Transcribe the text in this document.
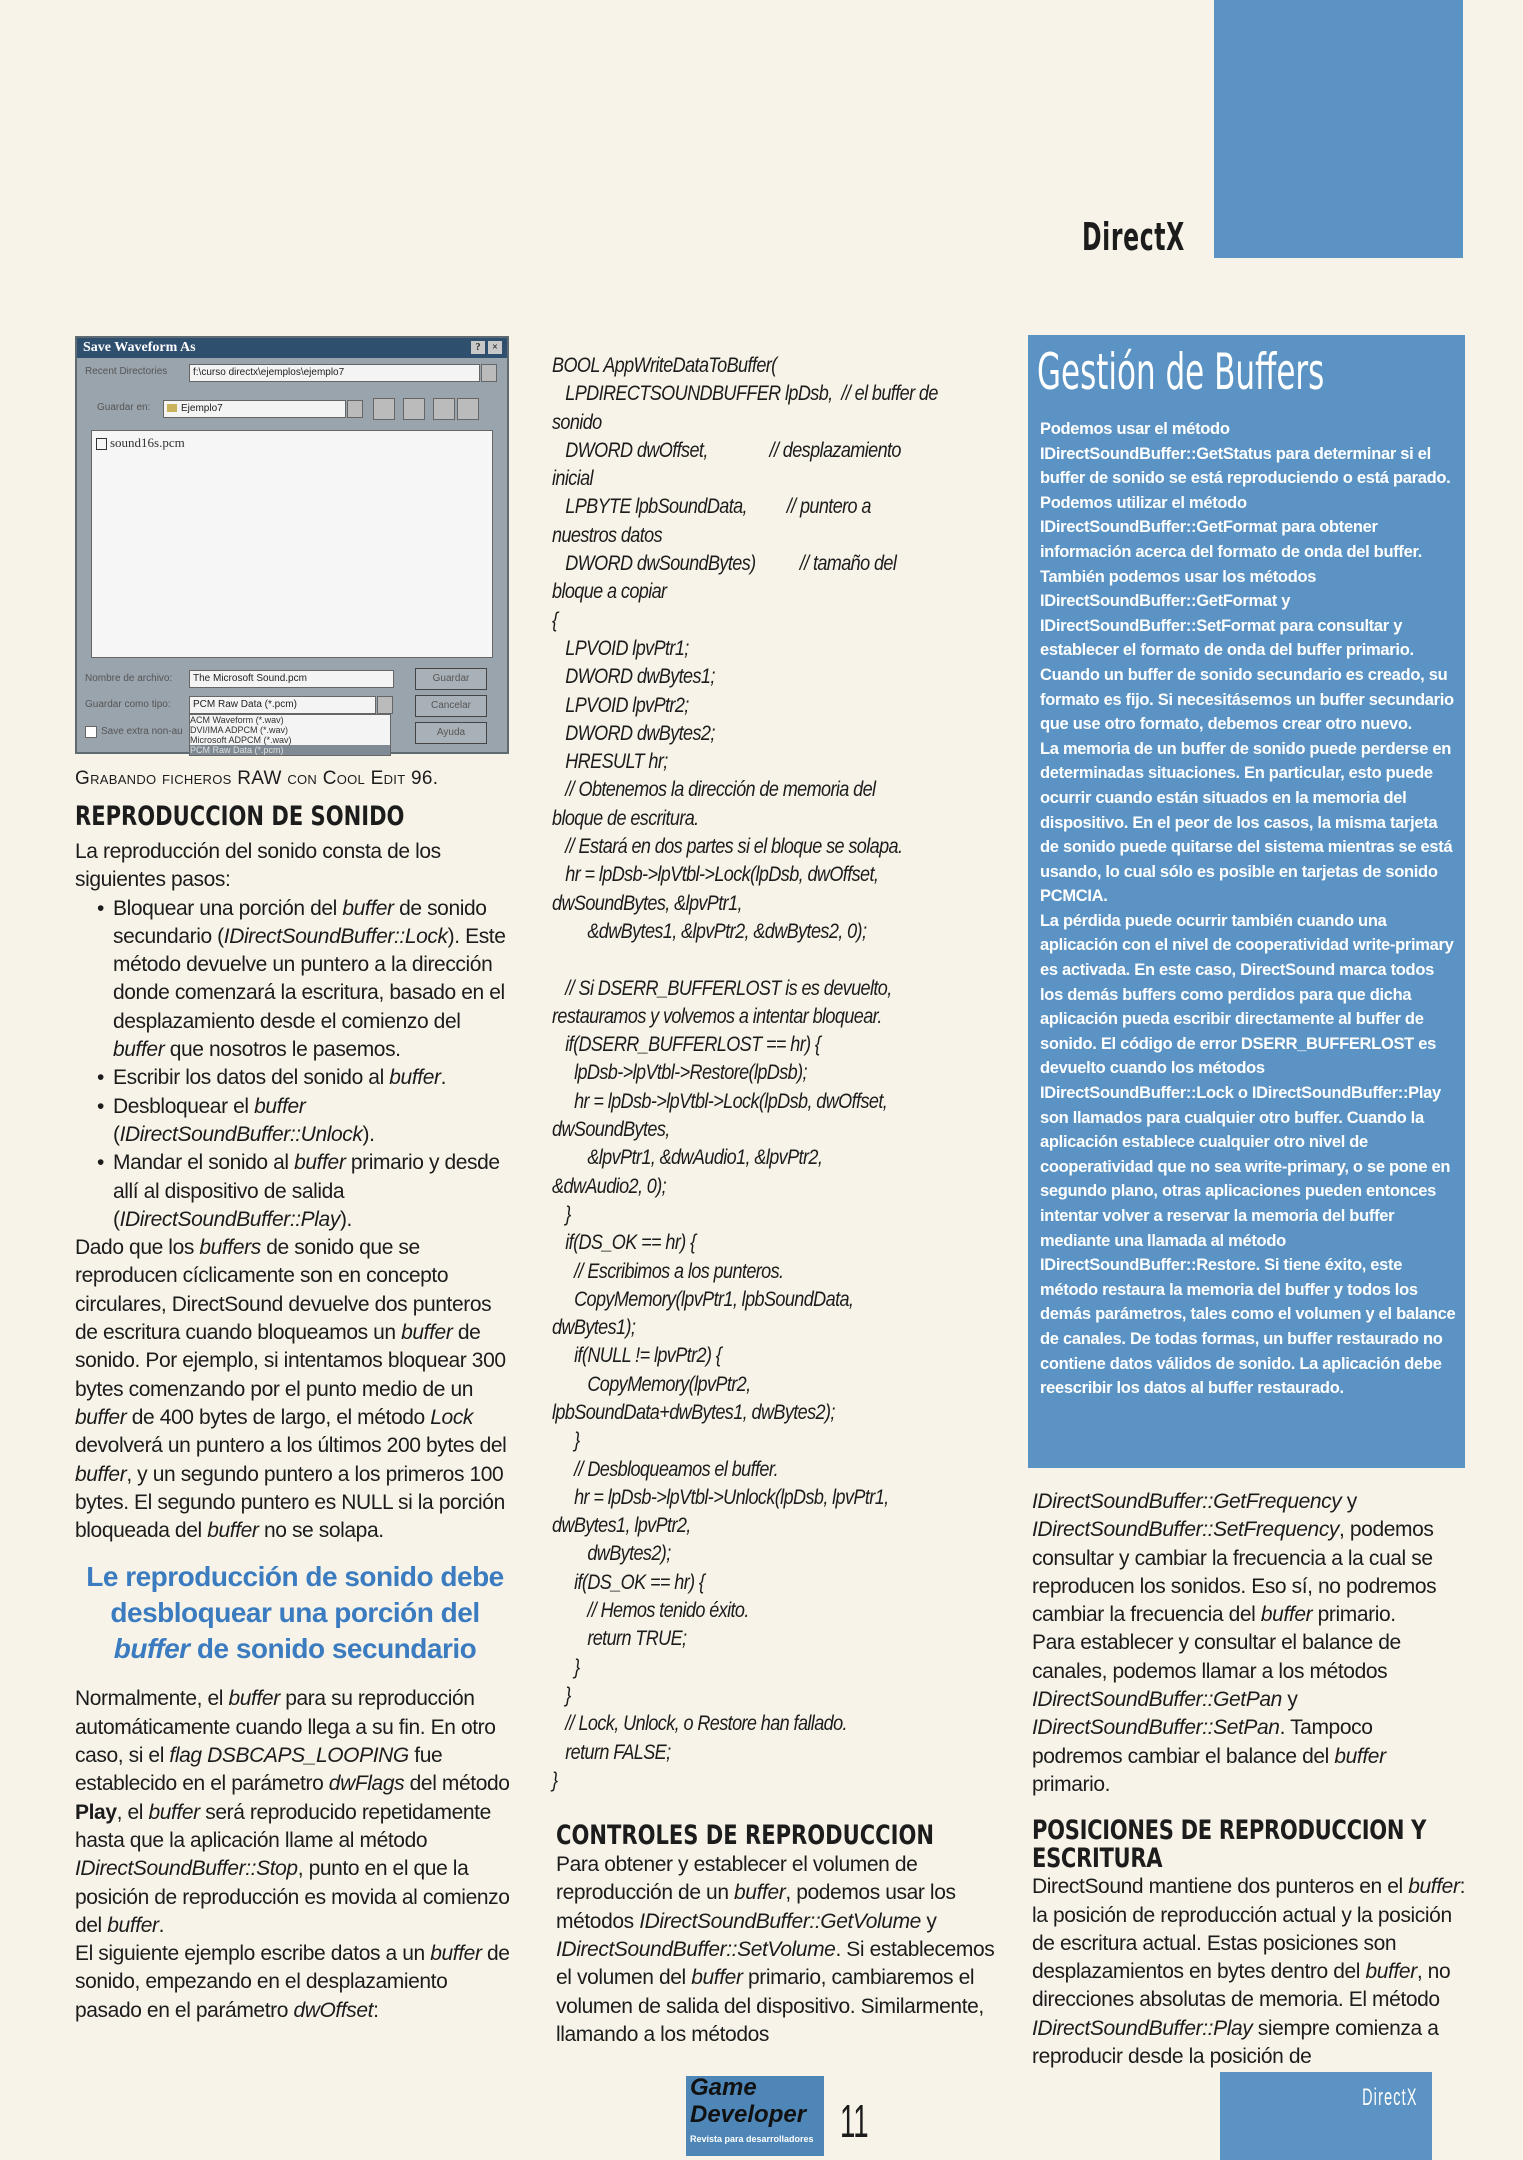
DirectX
Save Waveform As	?	×
Recent Directories	f:\curso directx\ejemplos\ejemplo7
Guardar en:	Ejemplo7
sound16s.pcm
Nombre de archivo:	The Microsoft Sound.pcm
Guardar como tipo:	PCM Raw Data (*.pcm)
ACM Waveform (*.wav)
DVI/IMA ADPCM (*.wav)
Microsoft ADPCM (*.wav)
PCM Raw Data (*.pcm)
Save extra non-au
Guardar
Cancelar
Ayuda
Grabando ficheros RAW con Cool Edit 96.
REPRODUCCION DE SONIDO

La reproducción del sonido consta de los siguientes pasos:

• Bloquear una porción del buffer de sonido secundario (IDirectSoundBuffer::Lock). Este método devuelve un puntero a la dirección donde comenzará la escritura, basado en el desplazamiento desde el comienzo del buffer que nosotros le pasemos.
• Escribir los datos del sonido al buffer.
• Desbloquear el buffer (IDirectSoundBuffer::Unlock).
• Mandar el sonido al buffer primario y desde allí al dispositivo de salida (IDirectSoundBuffer::Play).

Dado que los buffers de sonido que se reproducen cíclicamente son en concepto circulares, DirectSound devuelve dos punteros de escritura cuando bloqueamos un buffer de sonido. Por ejemplo, si intentamos bloquear 300 bytes comenzando por el punto medio de un buffer de 400 bytes de largo, el método Lock devolverá un puntero a los últimos 200 bytes del buffer, y un segundo puntero a los primeros 100 bytes. El segundo puntero es NULL si la porción bloqueada del buffer no se solapa.

Le reproducción de sonido debe desbloquear una porción del buffer de sonido secundario

Normalmente, el buffer para su reproducción automáticamente cuando llega a su fin. En otro caso, si el flag DSBCAPS_LOOPING fue establecido en el parámetro dwFlags del método Play, el buffer será reproducido repetidamente hasta que la aplicación llame al método IDirectSoundBuffer::Stop, punto en el que la posición de reproducción es movida al comienzo del buffer.

El siguiente ejemplo escribe datos a un buffer de sonido, empezando en el desplazamiento pasado en el parámetro dwOffset:

BOOL AppWriteDataToBuffer(
LPDIRECTSOUNDBUFFER lpDsb,  // el buffer de
sonido
DWORD dwOffset,              // desplazamiento
inicial
LPBYTE lpbSoundData,         // puntero a
nuestros datos
DWORD dwSoundBytes)          // tamaño del
bloque a copiar
{
LPVOID lpvPtr1;
DWORD dwBytes1;
LPVOID lpvPtr2;
DWORD dwBytes2;
HRESULT hr;
// Obtenemos la dirección de memoria del
bloque de escritura.
// Estará en dos partes si el bloque se solapa.
hr = lpDsb->lpVtbl->Lock(lpDsb, dwOffset,
dwSoundBytes, &lpvPtr1,
&dwBytes1, &lpvPtr2, &dwBytes2, 0);
// Si DSERR_BUFFERLOST is es devuelto,
restauramos y volvemos a intentar bloquear.
if(DSERR_BUFFERLOST == hr) {
lpDsb->lpVtbl->Restore(lpDsb);
hr = lpDsb->lpVtbl->Lock(lpDsb, dwOffset,
dwSoundBytes,
&lpvPtr1, &dwAudio1, &lpvPtr2,
&dwAudio2, 0);
}
if(DS_OK == hr) {
// Escribimos a los punteros.
CopyMemory(lpvPtr1, lpbSoundData,
dwBytes1);
if(NULL != lpvPtr2) {
CopyMemory(lpvPtr2,
lpbSoundData+dwBytes1, dwBytes2);
}
// Desbloqueamos el buffer.
hr = lpDsb->lpVtbl->Unlock(lpDsb, lpvPtr1,
dwBytes1, lpvPtr2,
dwBytes2);
if(DS_OK == hr) {
// Hemos tenido éxito.
return TRUE;
}
}
// Lock, Unlock, o Restore han fallado.
return FALSE;
}
CONTROLES DE REPRODUCCION

Para obtener y establecer el volumen de reproducción de un buffer, podemos usar los métodos IDirectSoundBuffer::GetVolume y IDirectSoundBuffer::SetVolume. Si establecemos el volumen del buffer primario, cambiaremos el volumen de salida del dispositivo. Similarmente, llamando a los métodos

Gestión de Buffers

Podemos usar el método IDirectSoundBuffer::GetStatus para determinar si el buffer de sonido se está reproduciendo o está parado.

Podemos utilizar el método IDirectSoundBuffer::GetFormat para obtener información acerca del formato de onda del buffer. También podemos usar los métodos IDirectSoundBuffer::GetFormat y IDirectSoundBuffer::SetFormat para consultar y establecer el formato de onda del buffer primario. Cuando un buffer de sonido secundario es creado, su formato es fijo. Si necesitásemos un buffer secundario que use otro formato, debemos crear otro nuevo.

La memoria de un buffer de sonido puede perderse en determinadas situaciones. En particular, esto puede ocurrir cuando están situados en la memoria del dispositivo. En el peor de los casos, la misma tarjeta de sonido puede quitarse del sistema mientras se está usando, lo cual sólo es posible en tarjetas de sonido PCMCIA.

La pérdida puede ocurrir también cuando una aplicación con el nivel de cooperatividad write-primary es activada. En este caso, DirectSound marca todos los demás buffers como perdidos para que dicha aplicación pueda escribir directamente al buffer de sonido. El código de error DSERR_BUFFERLOST es devuelto cuando los métodos IDirectSoundBuffer::Lock o IDirectSoundBuffer::Play son llamados para cualquier otro buffer. Cuando la aplicación establece cualquier otro nivel de cooperatividad que no sea write-primary, o se pone en segundo plano, otras aplicaciones pueden entonces intentar volver a reservar la memoria del buffer mediante una llamada al método IDirectSoundBuffer::Restore. Si tiene éxito, este método restaura la memoria del buffer y todos los demás parámetros, tales como el volumen y el balance de canales. De todas formas, un buffer restaurado no contiene datos válidos de sonido. La aplicación debe reescribir los datos al buffer restaurado.

IDirectSoundBuffer::GetFrequency y IDirectSoundBuffer::SetFrequency, podemos consultar y cambiar la frecuencia a la cual se reproducen los sonidos. Eso sí, no podremos cambiar la frecuencia del buffer primario.

Para establecer y consultar el balance de canales, podemos llamar a los métodos IDirectSoundBuffer::GetPan y IDirectSoundBuffer::SetPan. Tampoco podremos cambiar el balance del buffer primario.

POSICIONES DE REPRODUCCION Y ESCRITURA

DirectSound mantiene dos punteros en el buffer: la posición de reproducción actual y la posición de escritura actual. Estas posiciones son desplazamientos en bytes dentro del buffer, no direcciones absolutas de memoria. El método IDirectSoundBuffer::Play siempre comienza a reproducir desde la posición de

Game Developer
Revista para desarrolladores 11	DirectX
